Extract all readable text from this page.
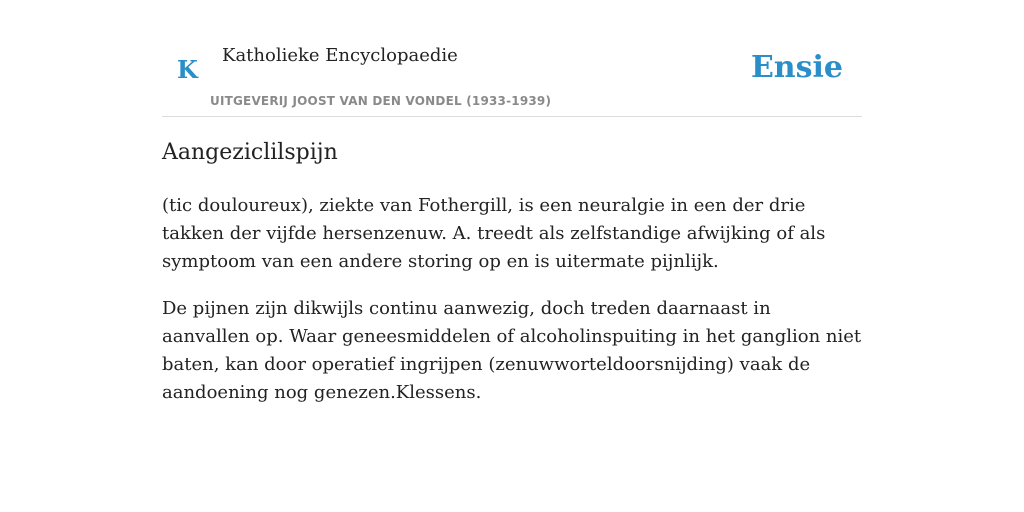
K Katholieke Encyclopaedie
UITGEVERIJ JOOST VAN DEN VONDEL (1933-1939)
Ensie
Aangeziclilspijn

(tic douloureux), ziekte van Fothergill, is een neuralgie in een der drie takken der vijfde hersenzenuw. A. treedt als zelfstandige afwijking of als symptoom van een andere storing op en is uitermate pijnlijk.

De pijnen zijn dikwijls continu aanwezig, doch treden daarnaast in aanvallen op. Waar geneesmiddelen of alcoholinspuiting in het ganglion niet baten, kan door operatief ingrijpen (zenuwworteldoorsnijding) vaak de aandoening nog genezen.Klessens.
